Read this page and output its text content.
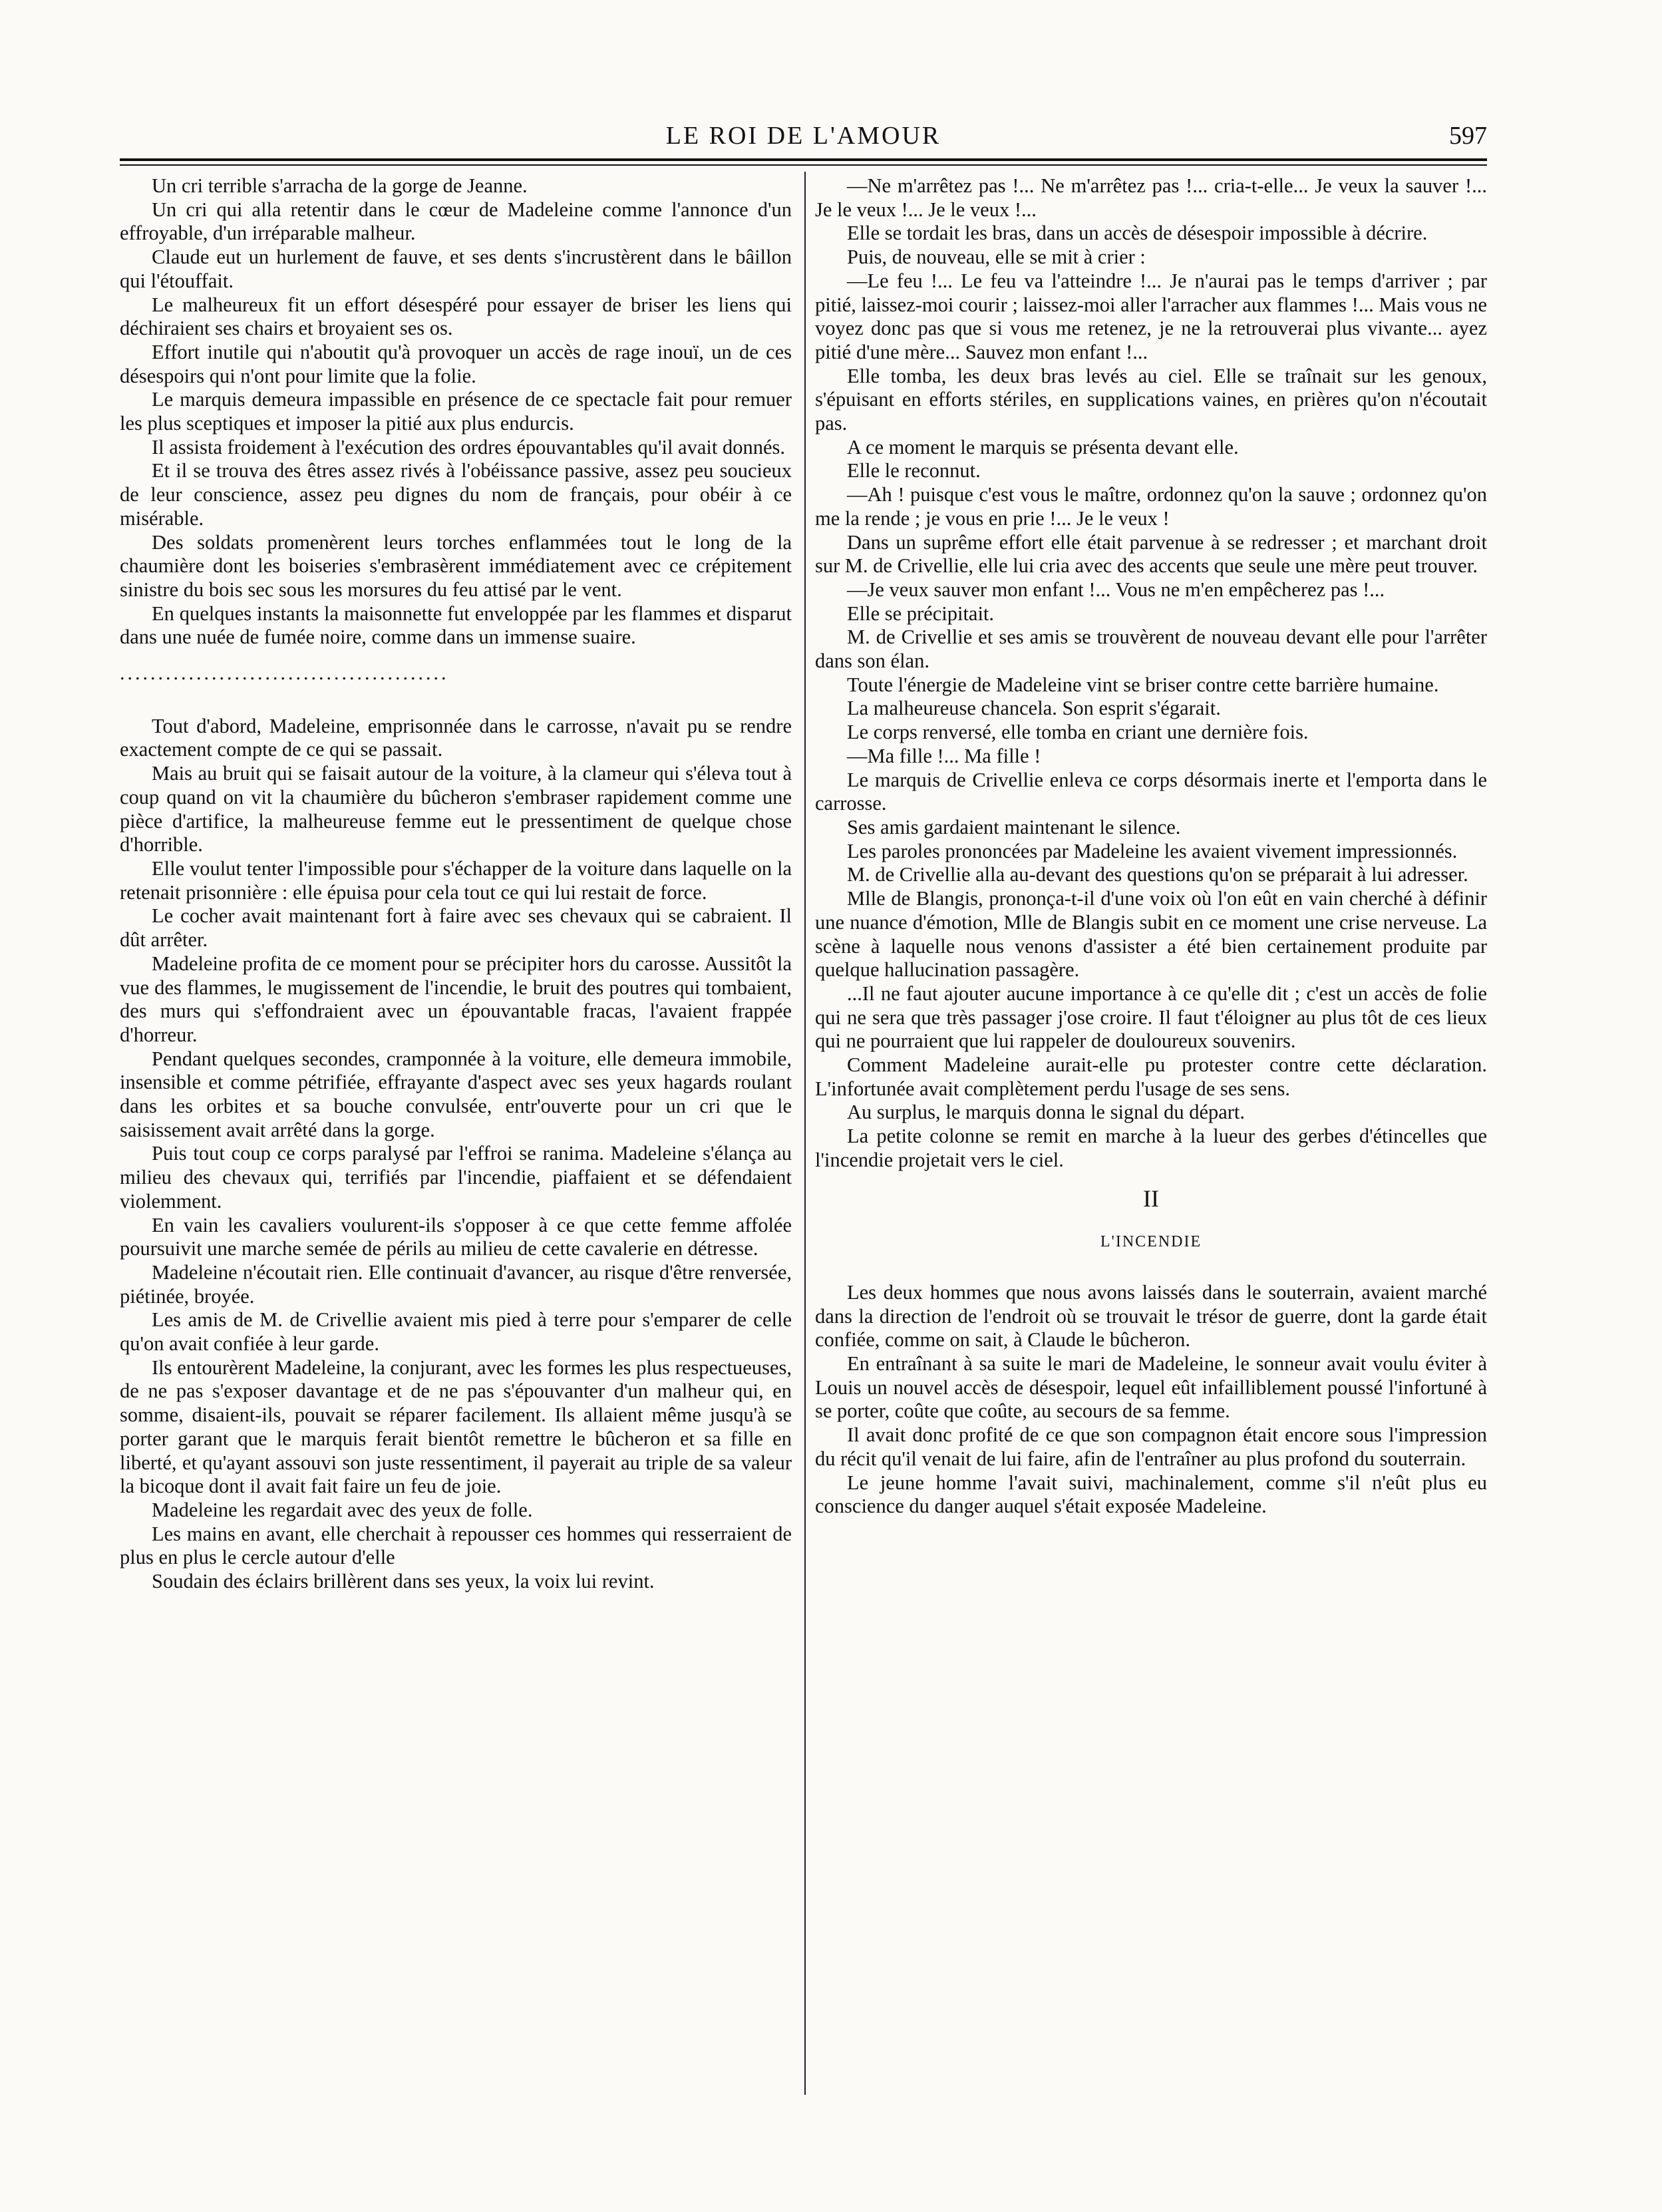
LE ROI DE L'AMOUR	597

Un cri terrible s'arracha de la gorge de Jeanne.

Un cri qui alla retentir dans le cœur de Madeleine comme l'annonce d'un effroyable, d'un irréparable malheur.

Claude eut un hurlement de fauve, et ses dents s'incrustèrent dans le bâillon qui l'étouffait.

Le malheureux fit un effort désespéré pour essayer de briser les liens qui déchiraient ses chairs et broyaient ses os.

Effort inutile qui n'aboutit qu'à provoquer un accès de rage inouï, un de ces désespoirs qui n'ont pour limite que la folie.

Le marquis demeura impassible en présence de ce spectacle fait pour remuer les plus sceptiques et imposer la pitié aux plus endurcis.

Il assista froidement à l'exécution des ordres épouvantables qu'il avait donnés.

Et il se trouva des êtres assez rivés à l'obéissance passive, assez peu soucieux de leur conscience, assez peu dignes du nom de français, pour obéir à ce misérable.

Des soldats promenèrent leurs torches enflammées tout le long de la chaumière dont les boiseries s'embrasèrent immédiatement avec ce crépitement sinistre du bois sec sous les morsures du feu attisé par le vent.

En quelques instants la maisonnette fut enveloppée par les flammes et disparut dans une nuée de fumée noire, comme dans un immense suaire.

...........................................

Tout d'abord, Madeleine, emprisonnée dans le carrosse, n'avait pu se rendre exactement compte de ce qui se passait.

Mais au bruit qui se faisait autour de la voiture, à la clameur qui s'éleva tout à coup quand on vit la chaumière du bûcheron s'embraser rapidement comme une pièce d'artifice, la malheureuse femme eut le pressentiment de quelque chose d'horrible.

Elle voulut tenter l'impossible pour s'échapper de la voiture dans laquelle on la retenait prisonnière : elle épuisa pour cela tout ce qui lui restait de force.

Le cocher avait maintenant fort à faire avec ses chevaux qui se cabraient. Il dût arrêter.

Madeleine profita de ce moment pour se précipiter hors du carosse. Aussitôt la vue des flammes, le mugissement de l'incendie, le bruit des poutres qui tombaient, des murs qui s'effondraient avec un épouvantable fracas, l'avaient frappée d'horreur.

Pendant quelques secondes, cramponnée à la voiture, elle demeura immobile, insensible et comme pétrifiée, effrayante d'aspect avec ses yeux hagards roulant dans les orbites et sa bouche convulsée, entr'ouverte pour un cri que le saisissement avait arrêté dans la gorge.

Puis tout coup ce corps paralysé par l'effroi se ranima. Madeleine s'élança au milieu des chevaux qui, terrifiés par l'incendie, piaffaient et se défendaient violemment.

En vain les cavaliers voulurent-ils s'opposer à ce que cette femme affolée poursuivit une marche semée de périls au milieu de cette cavalerie en détresse.

Madeleine n'écoutait rien. Elle continuait d'avancer, au risque d'être renversée, piétinée, broyée.

Les amis de M. de Crivellie avaient mis pied à terre pour s'emparer de celle qu'on avait confiée à leur garde.

Ils entourèrent Madeleine, la conjurant, avec les formes les plus respectueuses, de ne pas s'exposer davantage et de ne pas s'épouvanter d'un malheur qui, en somme, disaient-ils, pouvait se réparer facilement. Ils allaient même jusqu'à se porter garant que le marquis ferait bientôt remettre le bûcheron et sa fille en liberté, et qu'ayant assouvi son juste ressentiment, il payerait au triple de sa valeur la bicoque dont il avait fait faire un feu de joie.

Madeleine les regardait avec des yeux de folle.

Les mains en avant, elle cherchait à repousser ces hommes qui resserraient de plus en plus le cercle autour d'elle

Soudain des éclairs brillèrent dans ses yeux, la voix lui revint.

—Ne m'arrêtez pas !... Ne m'arrêtez pas !... cria-t-elle... Je veux la sauver !... Je le veux !... Je le veux !...

Elle se tordait les bras, dans un accès de désespoir impossible à décrire.

Puis, de nouveau, elle se mit à crier :

—Le feu !... Le feu va l'atteindre !... Je n'aurai pas le temps d'arriver ; par pitié, laissez-moi courir ; laissez-moi aller l'arracher aux flammes !... Mais vous ne voyez donc pas que si vous me retenez, je ne la retrouverai plus vivante... ayez pitié d'une mère... Sauvez mon enfant !...

Elle tomba, les deux bras levés au ciel. Elle se traînait sur les genoux, s'épuisant en efforts stériles, en supplications vaines, en prières qu'on n'écoutait pas.

A ce moment le marquis se présenta devant elle.

Elle le reconnut.

—Ah ! puisque c'est vous le maître, ordonnez qu'on la sauve ; ordonnez qu'on me la rende ; je vous en prie !... Je le veux !

Dans un suprême effort elle était parvenue à se redresser ; et marchant droit sur M. de Crivellie, elle lui cria avec des accents que seule une mère peut trouver.

—Je veux sauver mon enfant !... Vous ne m'en empêcherez pas !...

Elle se précipitait.

M. de Crivellie et ses amis se trouvèrent de nouveau devant elle pour l'arrêter dans son élan.

Toute l'énergie de Madeleine vint se briser contre cette barrière humaine.

La malheureuse chancela. Son esprit s'égarait.

Le corps renversé, elle tomba en criant une dernière fois.

—Ma fille !... Ma fille !

Le marquis de Crivellie enleva ce corps désormais inerte et l'emporta dans le carrosse.

Ses amis gardaient maintenant le silence.

Les paroles prononcées par Madeleine les avaient vivement impressionnés.

M. de Crivellie alla au-devant des questions qu'on se préparait à lui adresser.

Mlle de Blangis, prononça-t-il d'une voix où l'on eût en vain cherché à définir une nuance d'émotion, Mlle de Blangis subit en ce moment une crise nerveuse. La scène à laquelle nous venons d'assister a été bien certainement produite par quelque hallucination passagère.

...Il ne faut ajouter aucune importance à ce qu'elle dit ; c'est un accès de folie qui ne sera que très passager j'ose croire. Il faut t'éloigner au plus tôt de ces lieux qui ne pourraient que lui rappeler de douloureux souvenirs.

Comment Madeleine aurait-elle pu protester contre cette déclaration. L'infortunée avait complètement perdu l'usage de ses sens.

Au surplus, le marquis donna le signal du départ.

La petite colonne se remit en marche à la lueur des gerbes d'étincelles que l'incendie projetait vers le ciel.

II
L'INCENDIE

Les deux hommes que nous avons laissés dans le souterrain, avaient marché dans la direction de l'endroit où se trouvait le trésor de guerre, dont la garde était confiée, comme on sait, à Claude le bûcheron.

En entraînant à sa suite le mari de Madeleine, le sonneur avait voulu éviter à Louis un nouvel accès de désespoir, lequel eût infailliblement poussé l'infortuné à se porter, coûte que coûte, au secours de sa femme.

Il avait donc profité de ce que son compagnon était encore sous l'impression du récit qu'il venait de lui faire, afin de l'entraîner au plus profond du souterrain.

Le jeune homme l'avait suivi, machinalement, comme s'il n'eût plus eu conscience du danger auquel s'était exposée Madeleine.
